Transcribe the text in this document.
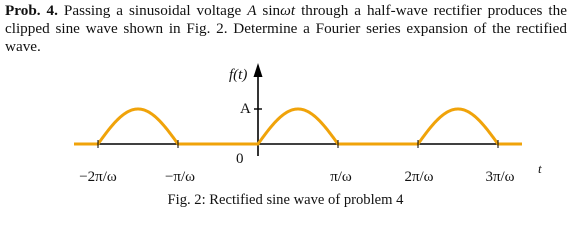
Prob. 4. Passing a sinusoidal voltage A sinωt through a half-wave rectifier produces the clipped sine wave shown in Fig. 2. Determine a Fourier series expansion of the rectified wave.

f(t)
A
0
t
−2π/ω	−π/ω	π/ω	2π/ω	3π/ω
Fig. 2: Rectified sine wave of problem 4
